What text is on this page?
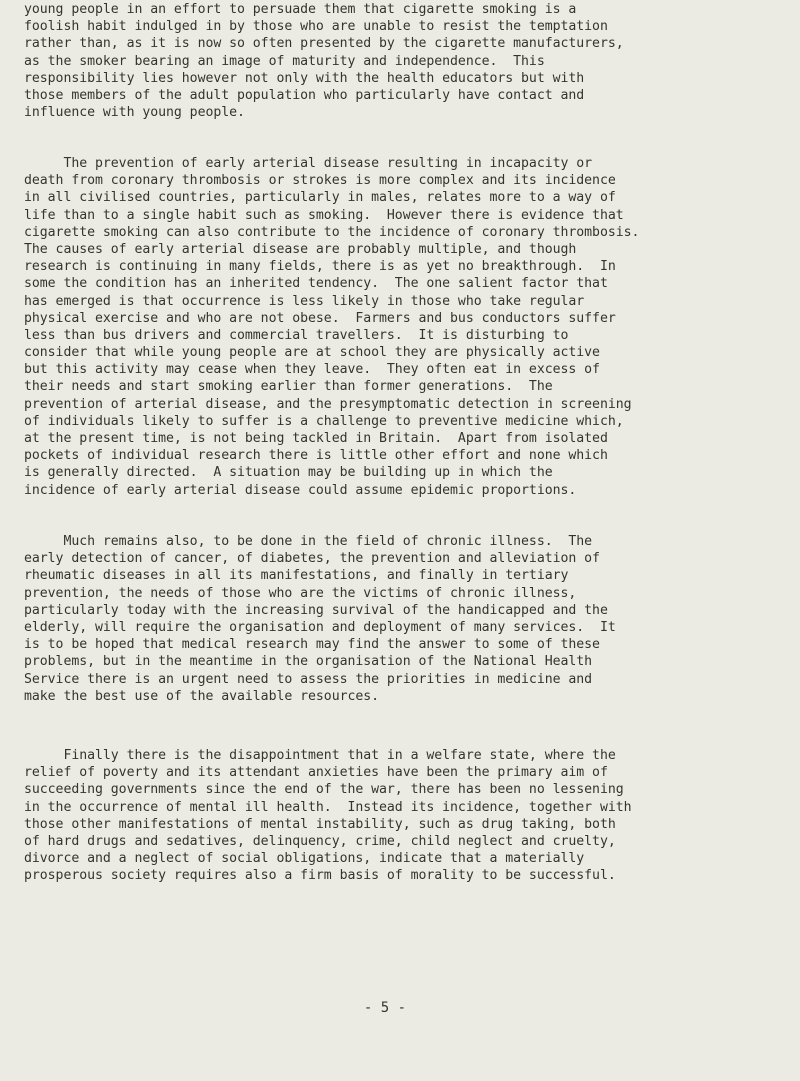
young people in an effort to persuade them that cigarette smoking is a
foolish habit indulged in by those who are unable to resist the temptation
rather than, as it is now so often presented by the cigarette manufacturers,
as the smoker bearing an image of maturity and independence.  This
responsibility lies however not only with the health educators but with
those members of the adult population who particularly have contact and
influence with young people.
The prevention of early arterial disease resulting in incapacity or
death from coronary thrombosis or strokes is more complex and its incidence
in all civilised countries, particularly in males, relates more to a way of
life than to a single habit such as smoking.  However there is evidence that
cigarette smoking can also contribute to the incidence of coronary thrombosis.
The causes of early arterial disease are probably multiple, and though
research is continuing in many fields, there is as yet no breakthrough.  In
some the condition has an inherited tendency.  The one salient factor that
has emerged is that occurrence is less likely in those who take regular
physical exercise and who are not obese.  Farmers and bus conductors suffer
less than bus drivers and commercial travellers.  It is disturbing to
consider that while young people are at school they are physically active
but this activity may cease when they leave.  They often eat in excess of
their needs and start smoking earlier than former generations.  The
prevention of arterial disease, and the presymptomatic detection in screening
of individuals likely to suffer is a challenge to preventive medicine which,
at the present time, is not being tackled in Britain.  Apart from isolated
pockets of individual research there is little other effort and none which
is generally directed.  A situation may be building up in which the
incidence of early arterial disease could assume epidemic proportions.
Much remains also, to be done in the field of chronic illness.  The
early detection of cancer, of diabetes, the prevention and alleviation of
rheumatic diseases in all its manifestations, and finally in tertiary
prevention, the needs of those who are the victims of chronic illness,
particularly today with the increasing survival of the handicapped and the
elderly, will require the organisation and deployment of many services.  It
is to be hoped that medical research may find the answer to some of these
problems, but in the meantime in the organisation of the National Health
Service there is an urgent need to assess the priorities in medicine and
make the best use of the available resources.
Finally there is the disappointment that in a welfare state, where the
relief of poverty and its attendant anxieties have been the primary aim of
succeeding governments since the end of the war, there has been no lessening
in the occurrence of mental ill health.  Instead its incidence, together with
those other manifestations of mental instability, such as drug taking, both
of hard drugs and sedatives, delinquency, crime, child neglect and cruelty,
divorce and a neglect of social obligations, indicate that a materially
prosperous society requires also a firm basis of morality to be successful.
- 5 -
